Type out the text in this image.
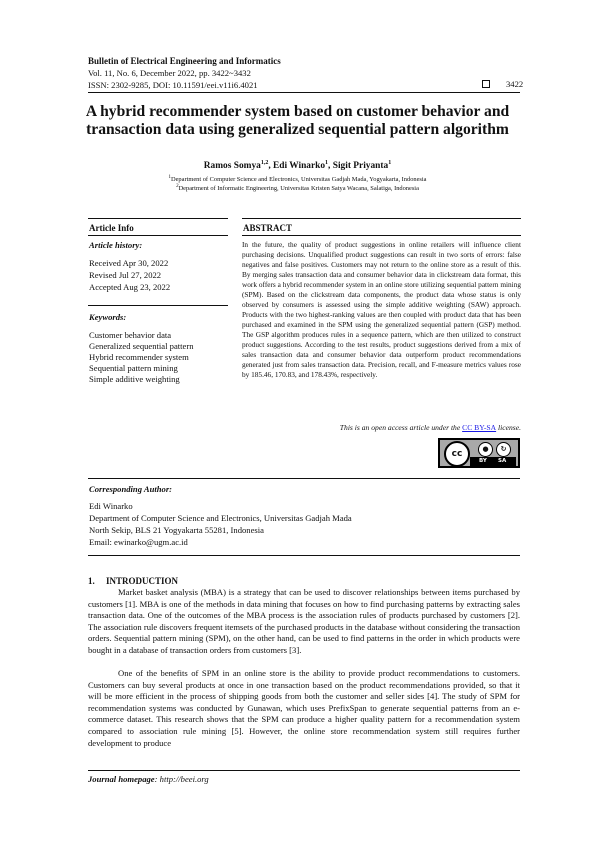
Bulletin of Electrical Engineering and Informatics
Vol. 11, No. 6, December 2022, pp. 3422~3432
ISSN: 2302-9285, DOI: 10.11591/eei.v11i6.4021	3422
A hybrid recommender system based on customer behavior and
transaction data using generalized sequential pattern algorithm
Ramos Somya$^{1,2}$, Edi Winarko$^1$, Sigit Priyanta$^1$
$^1$Department of Computer Science and Electronics, Universitas Gadjah Mada, Yogyakarta, Indonesia
$^2$Department of Informatic Engineering, Universitas Kristen Satya Wacana, Salatiga, Indonesia
Article Info	ABSTRACT
Article history:
Received Apr 30, 2022
Revised Jul 27, 2022
Accepted Aug 23, 2022
Keywords:
Customer behavior data
Generalized sequential pattern
Hybrid recommender system
Sequential pattern mining
Simple additive weighting
In the future, the quality of product suggestions in online retailers will influence client purchasing decisions. Unqualified product suggestions can result in two sorts of errors: false negatives and false positives. Customers may not return to the online store as a result of this. By merging sales transaction data and consumer behavior data in clickstream data format, this work offers a hybrid recommender system in an online store utilizing sequential pattern mining (SPM). Based on the clickstream data components, the product data whose status is only observed by consumers is assessed using the simple additive weighting (SAW) approach. Products with the two highest-ranking values are then coupled with product data that has been purchased and examined in the SPM using the generalized sequential pattern (GSP) method. The GSP algorithm produces rules in a sequence pattern, which are then utilized to construct product suggestions. According to the test results, product suggestions derived from a mix of sales transaction data and consumer behavior data outperform product recommendations generated just from sales transaction data. Precision, recall, and F-measure metrics values rose by 185.46, 170.83, and 178.43%, respectively.
This is an open access article under the CC BY-SA license.
cc	●	↻
BY SA
Corresponding Author:
Edi Winarko
Department of Computer Science and Electronics, Universitas Gadjah Mada
North Sekip, BLS 21 Yogyakarta 55281, Indonesia
Email: ewinarko@ugm.ac.id
1.     INTRODUCTION
Market basket analysis (MBA) is a strategy that can be used to discover relationships between items purchased by customers [1]. MBA is one of the methods in data mining that focuses on how to find purchasing patterns by extracting sales transaction data. One of the outcomes of the MBA process is the association rules of products purchased by customers [2]. The association rule discovers frequent itemsets of the purchased products in the database without considering the transaction orders. Sequential pattern mining (SPM), on the other hand, can be used to find patterns in the order in which products were bought in a database of transaction orders from customers [3].
One of the benefits of SPM in an online store is the ability to provide product recommendations to customers. Customers can buy several products at once in one transaction based on the product recommendations provided, so that it will be more efficient in the process of shipping goods from both the customer and seller sides [4]. The study of SPM for recommendation systems was conducted by Gunawan, which uses PrefixSpan to generate sequential patterns from an e-commerce dataset. This research shows that the SPM can produce a higher quality pattern for a recommendation system compared to association rule mining [5]. However, the online store recommendation system still requires further development to produce
Journal homepage: http://beei.org
